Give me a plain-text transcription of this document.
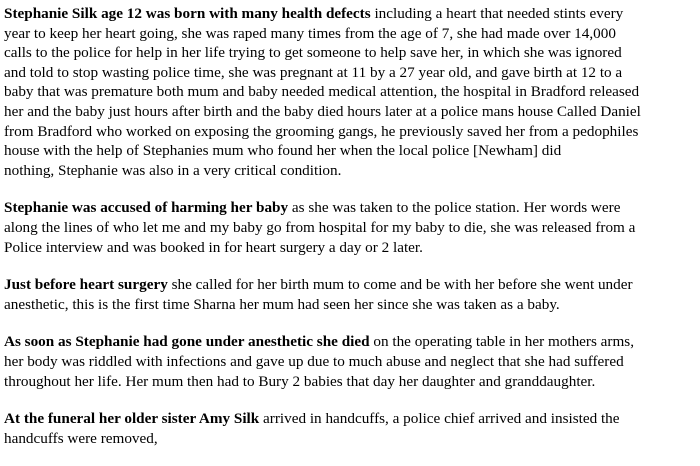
Stephanie Silk age 12 was born with many health defects including a heart that needed stints every
year to keep her heart going, she was raped many times from the age of 7, she had made over 14,000
calls to the police for help in her life trying to get someone to help save her, in which she was ignored
and told to stop wasting police time, she was pregnant at 11 by a 27 year old, and gave birth at 12 to a
baby that was premature both mum and baby needed medical attention, the hospital in Bradford released
her and the baby just hours after birth and the baby died hours later at a police mans house Called Daniel
from Bradford who worked on exposing the grooming gangs, he previously saved her from a pedophiles
house with the help of Stephanies mum who found her when the local police [Newham] did
nothing, Stephanie was also in a very critical condition.

Stephanie was accused of harming her baby as she was taken to the police station. Her words were
along the lines of who let me and my baby go from hospital for my baby to die, she was released from a
Police interview and was booked in for heart surgery a day or 2 later.

Just before heart surgery she called for her birth mum to come and be with her before she went under
anesthetic, this is the first time Sharna her mum had seen her since she was taken as a baby.

As soon as Stephanie had gone under anesthetic she died on the operating table in her mothers arms,
her body was riddled with infections and gave up due to much abuse and neglect that she had suffered
throughout her life. Her mum then had to Bury 2 babies that day her daughter and granddaughter.

At the funeral her older sister Amy Silk arrived in handcuffs, a police chief arrived and insisted the
handcuffs were removed,
